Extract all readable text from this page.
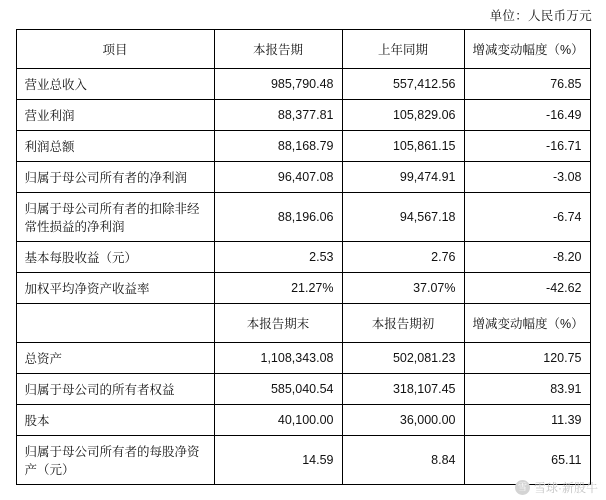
单位：人民币万元
项目	本报告期	上年同期	增减变动幅度（%）
营业总收入	985,790.48	557,412.56	76.85
营业利润	88,377.81	105,829.06	-16.49
利润总额	88,168.79	105,861.15	-16.71
归属于母公司所有者的净利润	96,407.08	99,474.91	-3.08
归属于母公司所有者的扣除非经常性损益的净利润	88,196.06	94,567.18	-6.74
基本每股收益（元）	2.53	2.76	-8.20
加权平均净资产收益率	21.27%	37.07%	-42.62
	本报告期末	本报告期初	增减变动幅度（%）
总资产	1,108,343.08	502,081.23	120.75
归属于母公司的所有者权益	585,040.54	318,107.45	83.91
股本	40,100.00	36,000.00	11.39
归属于母公司所有者的每股净资产（元）	14.59	8.84	65.11
雪 雪球·新股牛
